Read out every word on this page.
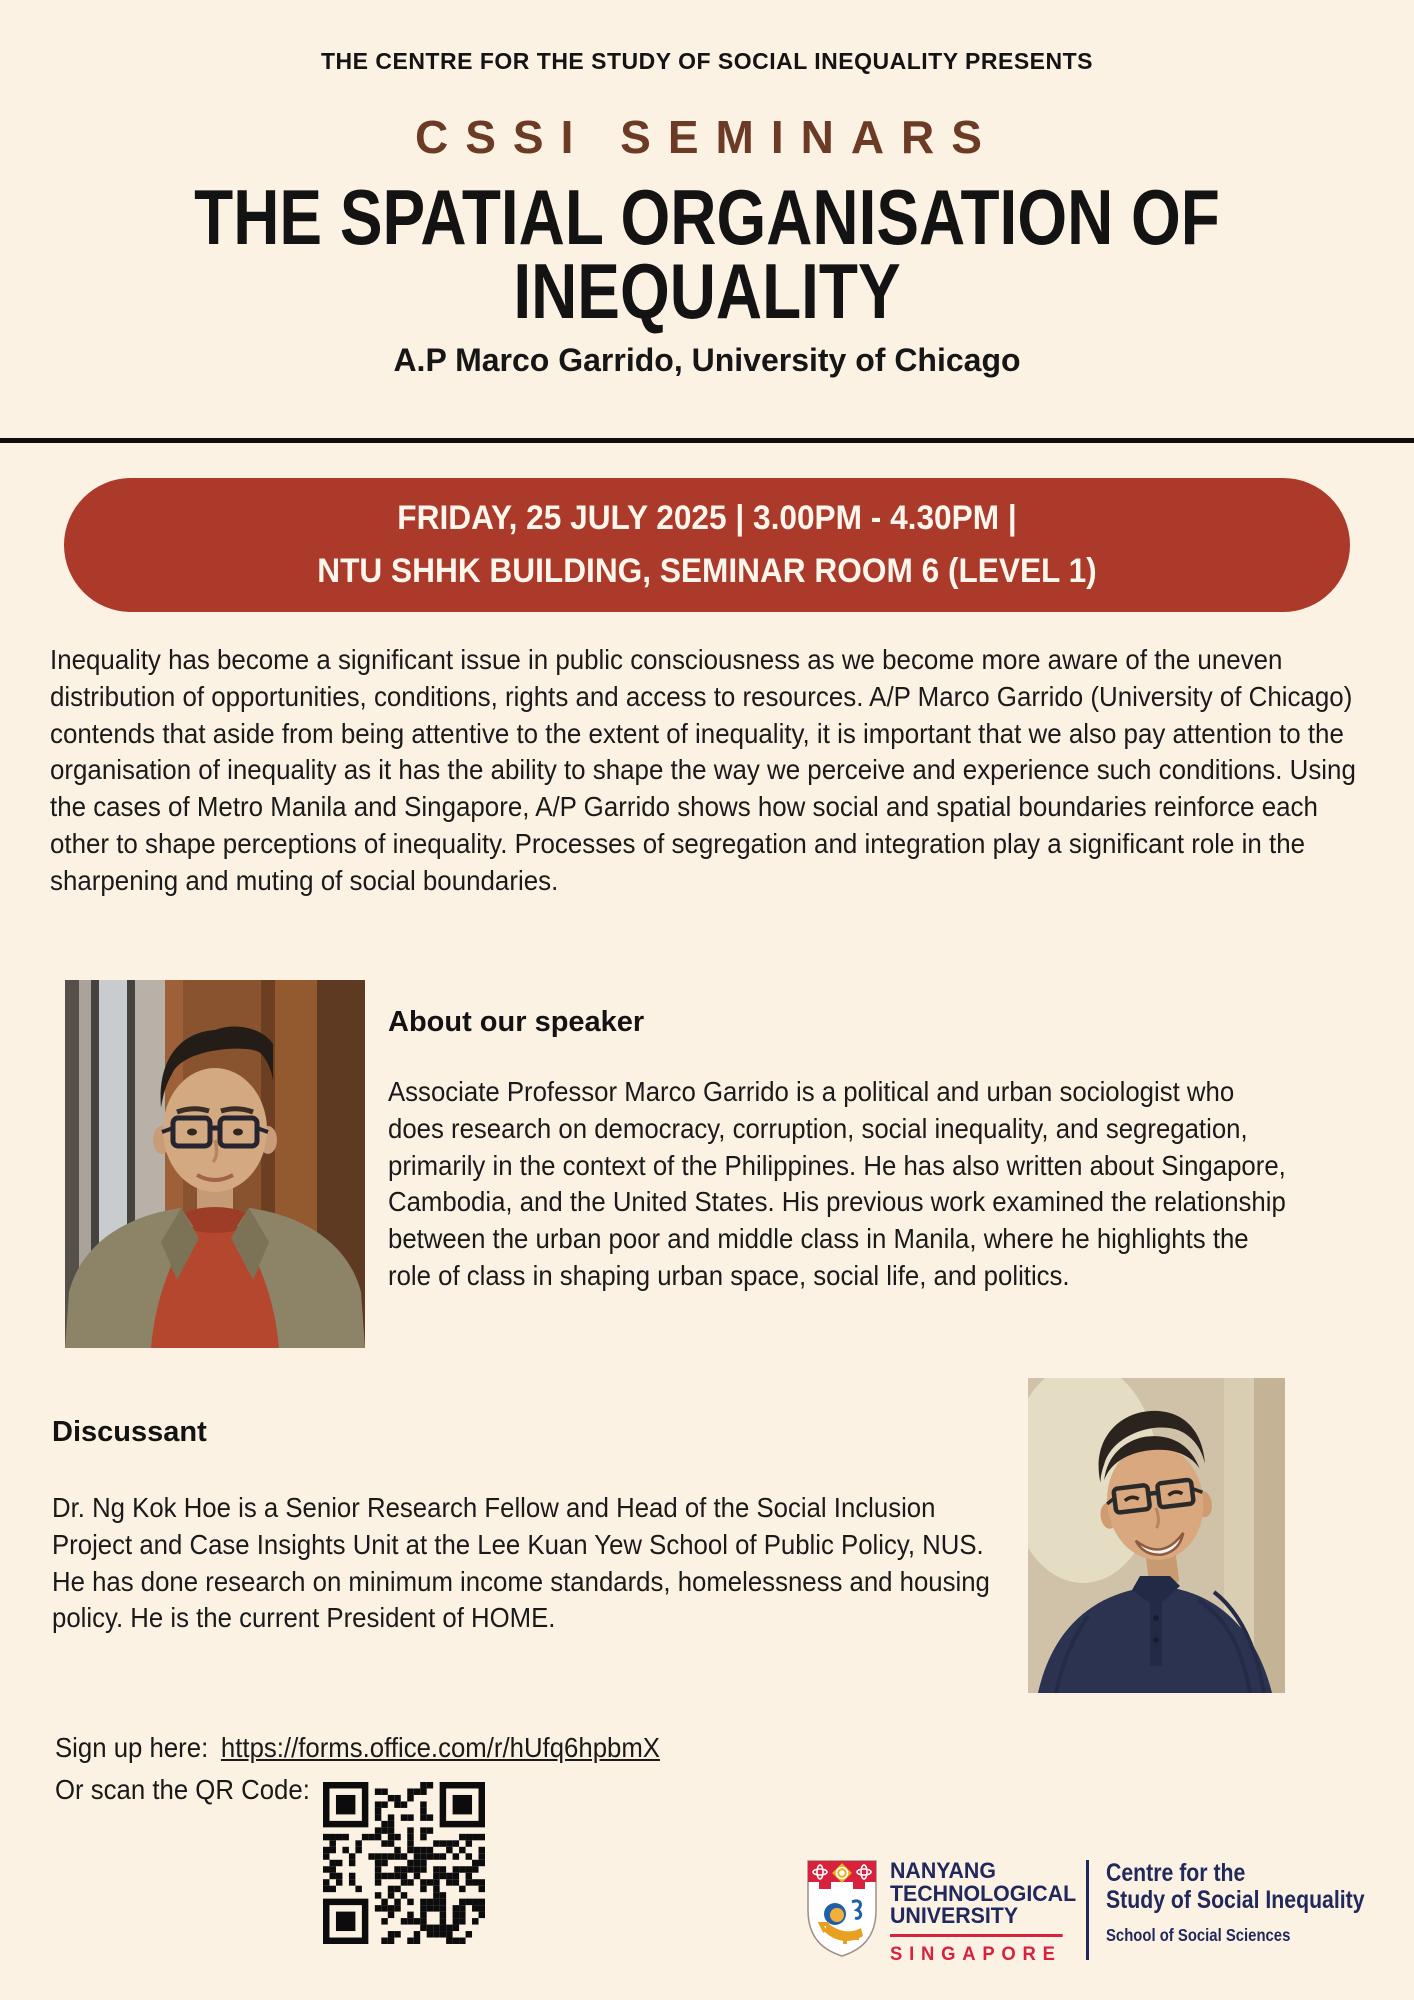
THE CENTRE FOR THE STUDY OF SOCIAL INEQUALITY PRESENTS
CSSI SEMINARS
THE SPATIAL ORGANISATION OF
INEQUALITY
A.P Marco Garrido, University of Chicago
FRIDAY, 25 JULY 2025 | 3.00PM - 4.30PM |
NTU SHHK BUILDING, SEMINAR ROOM 6 (LEVEL 1)
Inequality has become a significant issue in public consciousness as we become more aware of the uneven distribution of opportunities, conditions, rights and access to resources. A/P Marco Garrido (University of Chicago) contends that aside from being attentive to the extent of inequality, it is important that we also pay attention to the organisation of inequality as it has the ability to shape the way we perceive and experience such conditions. Using the cases of Metro Manila and Singapore, A/P Garrido shows how social and spatial boundaries reinforce each other to shape perceptions of inequality. Processes of segregation and integration play a significant role in the sharpening and muting of social boundaries.
About our speaker
Associate Professor Marco Garrido is a political and urban sociologist who does research on democracy, corruption, social inequality, and segregation, primarily in the context of the Philippines. He has also written about Singapore, Cambodia, and the United States. His previous work examined the relationship between the urban poor and middle class in Manila, where he highlights the role of class in shaping urban space, social life, and politics.
Discussant
Dr. Ng Kok Hoe is a Senior Research Fellow and Head of the Social Inclusion Project and Case Insights Unit at the Lee Kuan Yew School of Public Policy, NUS. He has done research on minimum income standards, homelessness and housing policy. He is the current President of HOME.
Sign up here: https://forms.office.com/r/hUfq6hpbmX
Or scan the QR Code:
NANYANG
TECHNOLOGICAL
UNIVERSITY
SINGAPORE
Centre for the
Study of Social Inequality
School of Social Sciences
